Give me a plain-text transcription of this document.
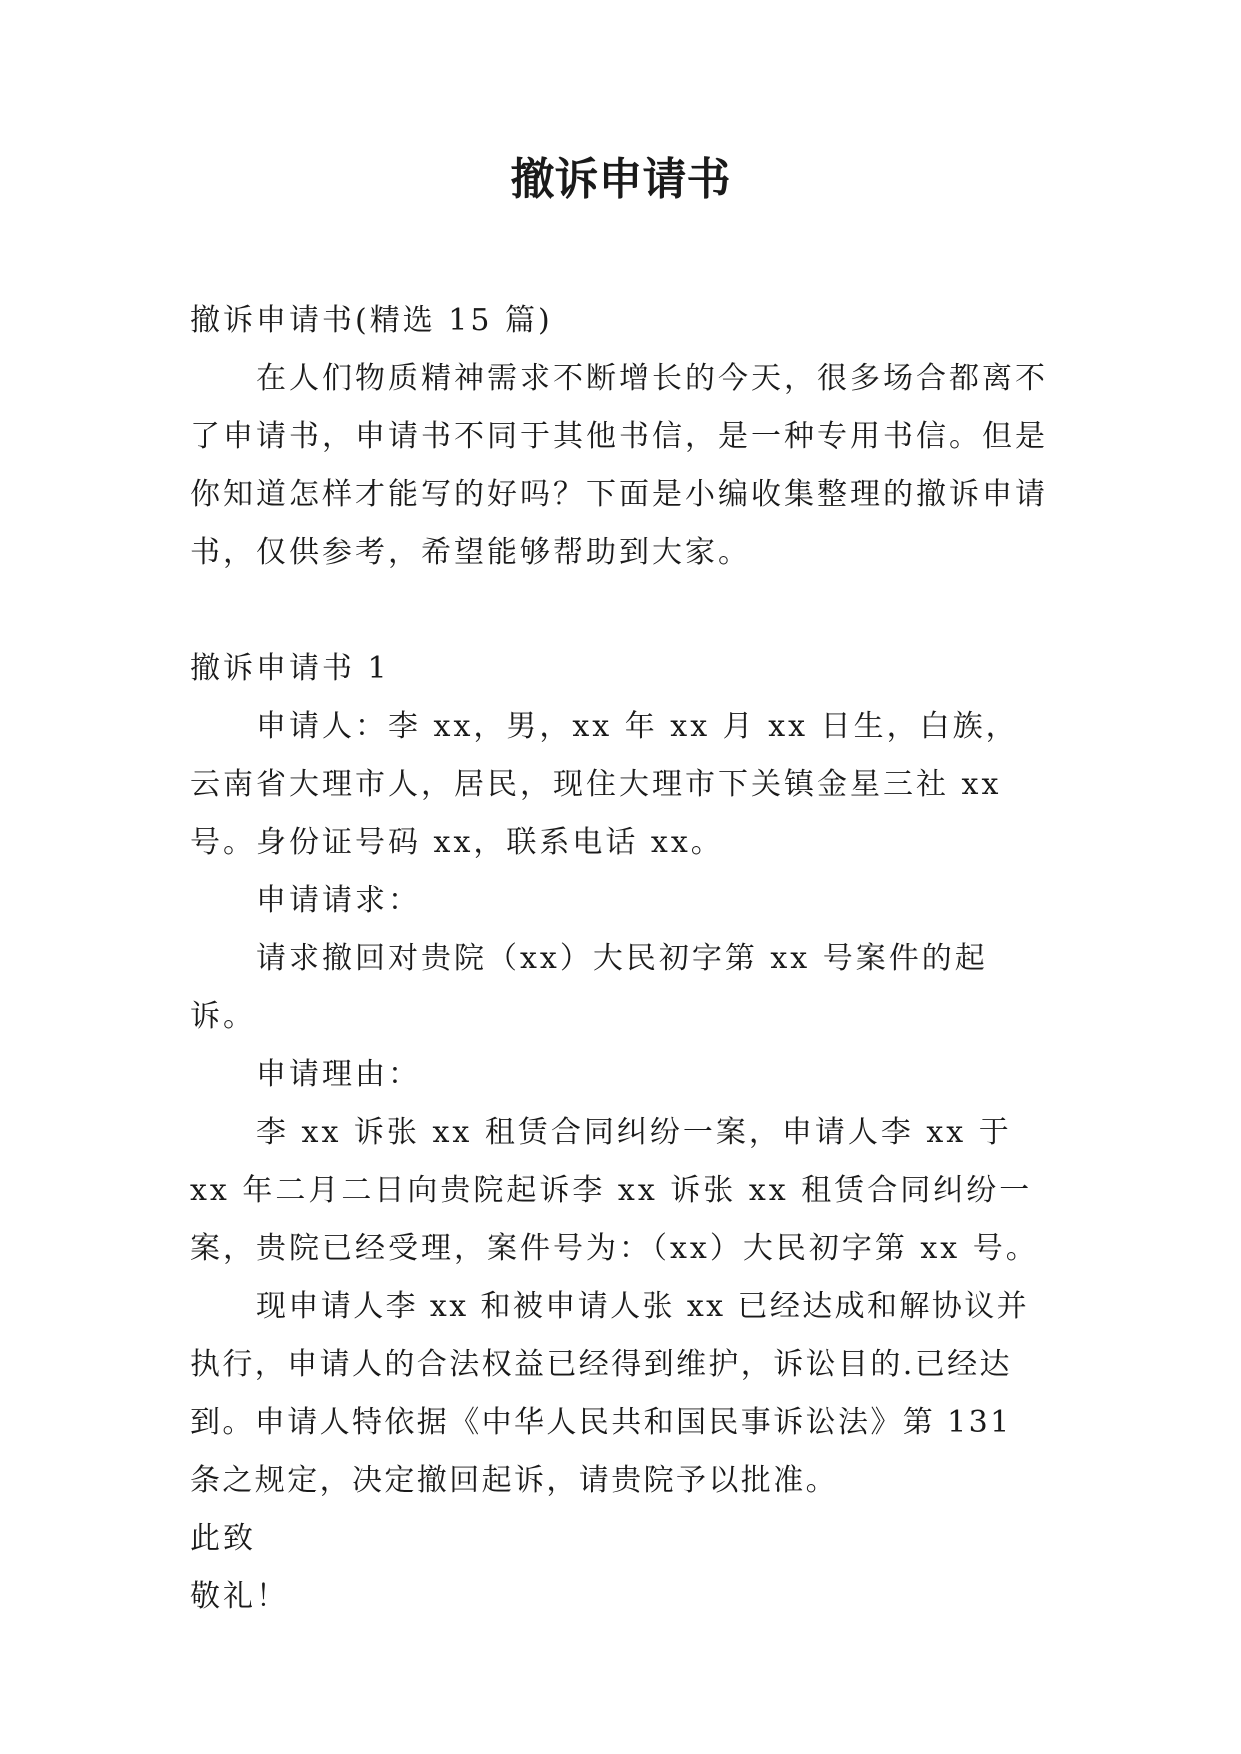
撤诉申请书

撤诉申请书(精选 15 篇)

在人们物质精神需求不断增长的今天，很多场合都离不了申请书，申请书不同于其他书信，是一种专用书信。但是你知道怎样才能写的好吗？下面是小编收集整理的撤诉申请书，仅供参考，希望能够帮助到大家。

撤诉申请书 1

申请人：李 xx，男，xx 年 xx 月 xx 日生，白族，云南省大理市人，居民，现住大理市下关镇金星三社 xx 号。身份证号码 xx，联系电话 xx。

申请请求：

请求撤回对贵院（xx）大民初字第 xx 号案件的起诉。

申请理由：

李 xx 诉张 xx 租赁合同纠纷一案，申请人李 xx 于 xx 年二月二日向贵院起诉李 xx 诉张 xx 租赁合同纠纷一案，贵院已经受理，案件号为：（xx）大民初字第 xx 号。

现申请人李 xx 和被申请人张 xx 已经达成和解协议并执行，申请人的合法权益已经得到维护，诉讼目的.已经达到。申请人特依据《中华人民共和国民事诉讼法》第 131 条之规定，决定撤回起诉，请贵院予以批准。

此致

敬礼！
